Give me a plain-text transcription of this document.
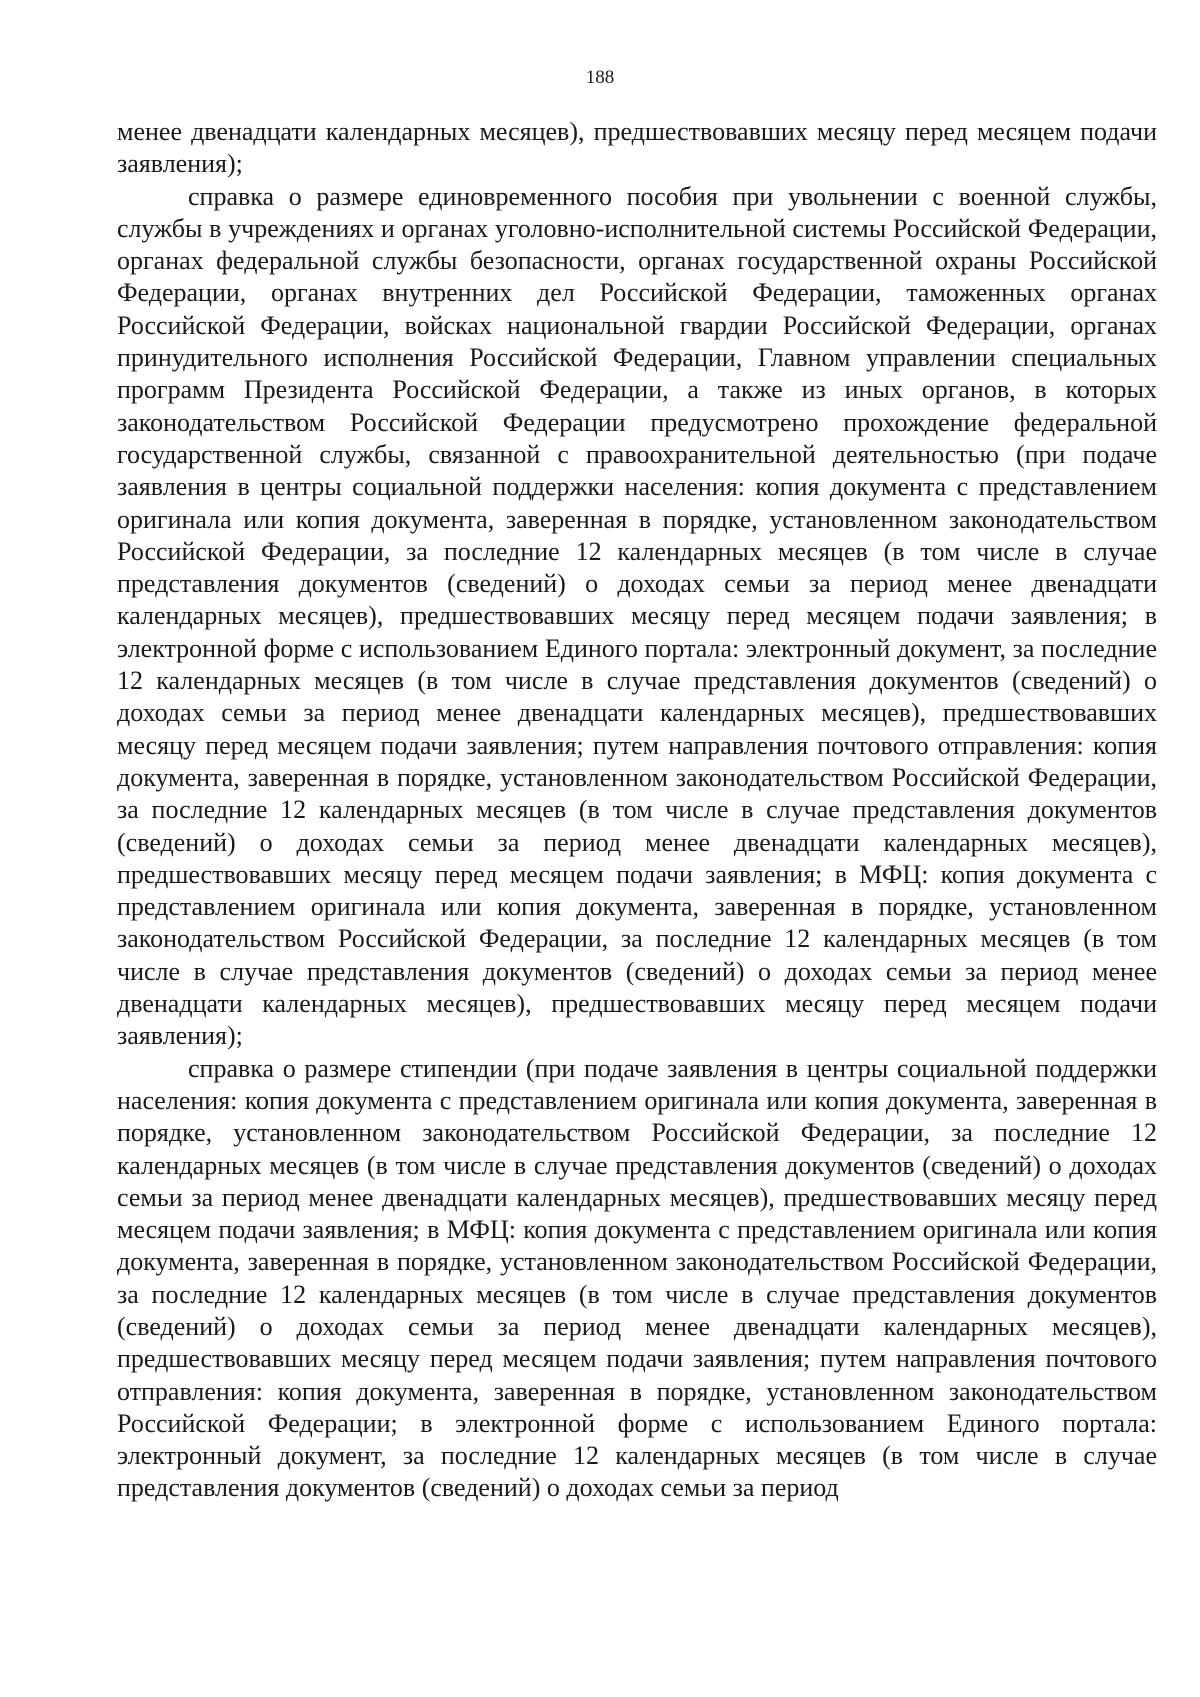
188

менее двенадцати календарных месяцев), предшествовавших месяцу перед месяцем подачи заявления);

справка о размере единовременного пособия при увольнении с военной службы, службы в учреждениях и органах уголовно-исполнительной системы Российской Федерации, органах федеральной службы безопасности, органах государственной охраны Российской Федерации, органах внутренних дел Российской Федерации, таможенных органах Российской Федерации, войсках национальной гвардии Российской Федерации, органах принудительного исполнения Российской Федерации, Главном управлении специальных программ Президента Российской Федерации, а также из иных органов, в которых законодательством Российской Федерации предусмотрено прохождение федеральной государственной службы, связанной с правоохранительной деятельностью (при подаче заявления в центры социальной поддержки населения: копия документа с представлением оригинала или копия документа, заверенная в порядке, установленном законодательством Российской Федерации, за последние 12 календарных месяцев (в том числе в случае представления документов (сведений) о доходах семьи за период менее двенадцати календарных месяцев), предшествовавших месяцу перед месяцем подачи заявления; в электронной форме с использованием Единого портала: электронный документ, за последние 12 календарных месяцев (в том числе в случае представления документов (сведений) о доходах семьи за период менее двенадцати календарных месяцев), предшествовавших месяцу перед месяцем подачи заявления; путем направления почтового отправления: копия документа, заверенная в порядке, установленном законодательством Российской Федерации, за последние 12 календарных месяцев (в том числе в случае представления документов (сведений) о доходах семьи за период менее двенадцати календарных месяцев), предшествовавших месяцу перед месяцем подачи заявления; в МФЦ: копия документа с представлением оригинала или копия документа, заверенная в порядке, установленном законодательством Российской Федерации, за последние 12 календарных месяцев (в том числе в случае представления документов (сведений) о доходах семьи за период менее двенадцати календарных месяцев), предшествовавших месяцу перед месяцем подачи заявления);

справка о размере стипендии (при подаче заявления в центры социальной поддержки населения: копия документа с представлением оригинала или копия документа, заверенная в порядке, установленном законодательством Российской Федерации, за последние 12 календарных месяцев (в том числе в случае представления документов (сведений) о доходах семьи за период менее двенадцати календарных месяцев), предшествовавших месяцу перед месяцем подачи заявления; в МФЦ: копия документа с представлением оригинала или копия документа, заверенная в порядке, установленном законодательством Российской Федерации, за последние 12 календарных месяцев (в том числе в случае представления документов (сведений) о доходах семьи за период менее двенадцати календарных месяцев), предшествовавших месяцу перед месяцем подачи заявления; путем направления почтового отправления: копия документа, заверенная в порядке, установленном законодательством Российской Федерации; в электронной форме с использованием Единого портала: электронный документ, за последние 12 календарных месяцев (в том числе в случае представления документов (сведений) о доходах семьи за период
